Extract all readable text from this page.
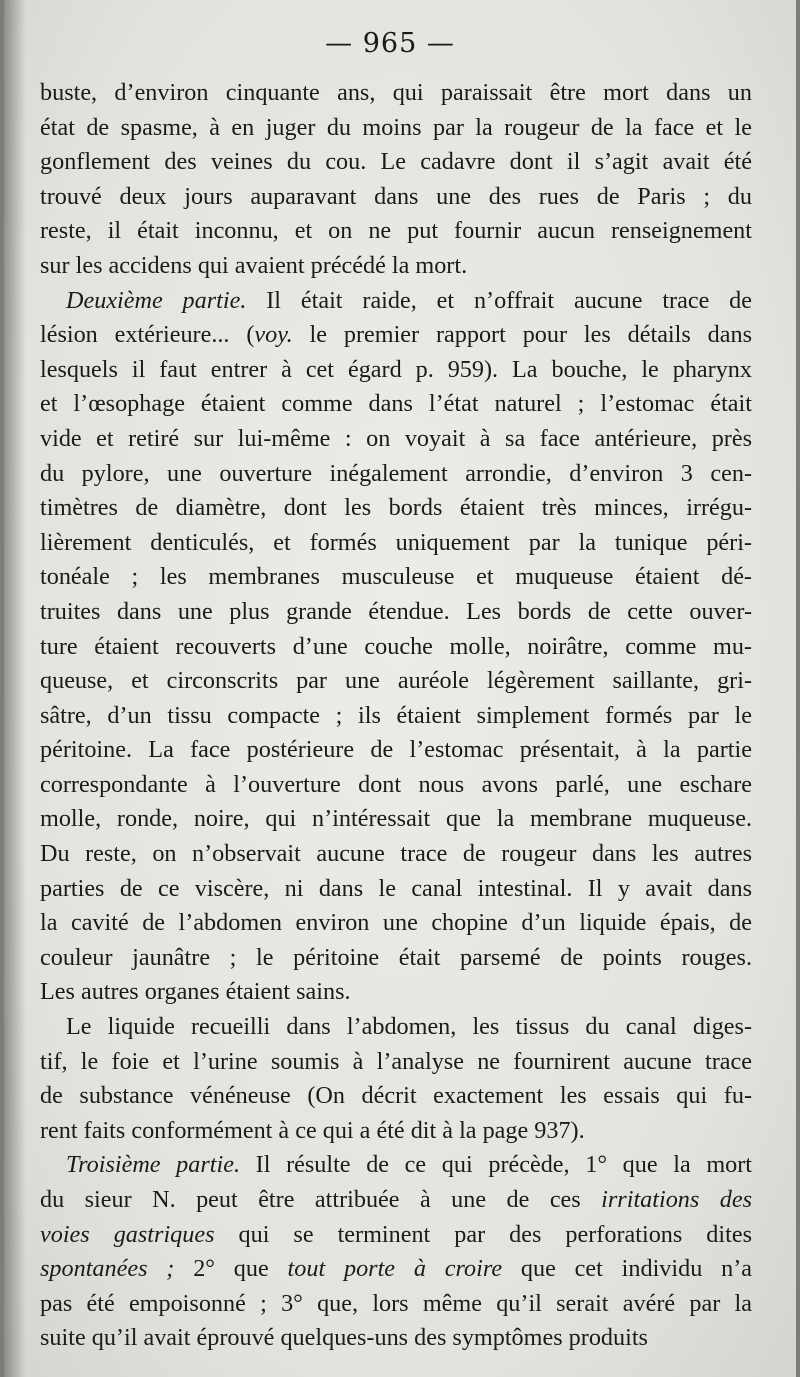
— 965 —
buste, d’environ cinquante ans, qui paraissait être mort dans un
état de spasme, à en juger du moins par la rougeur de la face et le
gonflement des veines du cou. Le cadavre dont il s’agit avait été
trouvé deux jours auparavant dans une des rues de Paris ; du
reste, il était inconnu, et on ne put fournir aucun renseignement
sur les accidens qui avaient précédé la mort.
Deuxième partie. Il était raide, et n’offrait aucune trace de
lésion extérieure... (voy. le premier rapport pour les détails dans
lesquels il faut entrer à cet égard p. 959). La bouche, le pharynx
et l’œsophage étaient comme dans l’état naturel ; l’estomac était
vide et retiré sur lui-même : on voyait à sa face antérieure, près
du pylore, une ouverture inégalement arrondie, d’environ 3 cen-
timètres de diamètre, dont les bords étaient très minces, irrégu-
lièrement denticulés, et formés uniquement par la tunique péri-
tonéale ; les membranes musculeuse et muqueuse étaient dé-
truites dans une plus grande étendue. Les bords de cette ouver-
ture étaient recouverts d’une couche molle, noirâtre, comme mu-
queuse, et circonscrits par une auréole légèrement saillante, gri-
sâtre, d’un tissu compacte ; ils étaient simplement formés par le
péritoine. La face postérieure de l’estomac présentait, à la partie
correspondante à l’ouverture dont nous avons parlé, une eschare
molle, ronde, noire, qui n’intéressait que la membrane muqueuse.
Du reste, on n’observait aucune trace de rougeur dans les autres
parties de ce viscère, ni dans le canal intestinal. Il y avait dans
la cavité de l’abdomen environ une chopine d’un liquide épais, de
couleur jaunâtre ; le péritoine était parsemé de points rouges.
Les autres organes étaient sains.
Le liquide recueilli dans l’abdomen, les tissus du canal diges-
tif, le foie et l’urine soumis à l’analyse ne fournirent aucune trace
de substance vénéneuse (On décrit exactement les essais qui fu-
rent faits conformément à ce qui a été dit à la page 937).
Troisième partie. Il résulte de ce qui précède, 1° que la mort
du sieur N. peut être attribuée à une de ces irritations des
voies gastriques qui se terminent par des perforations dites
spontanées ; 2° que tout porte à croire que cet individu n’a
pas été empoisonné ; 3° que, lors même qu’il serait avéré par la
suite qu’il avait éprouvé quelques-uns des symptômes produits
